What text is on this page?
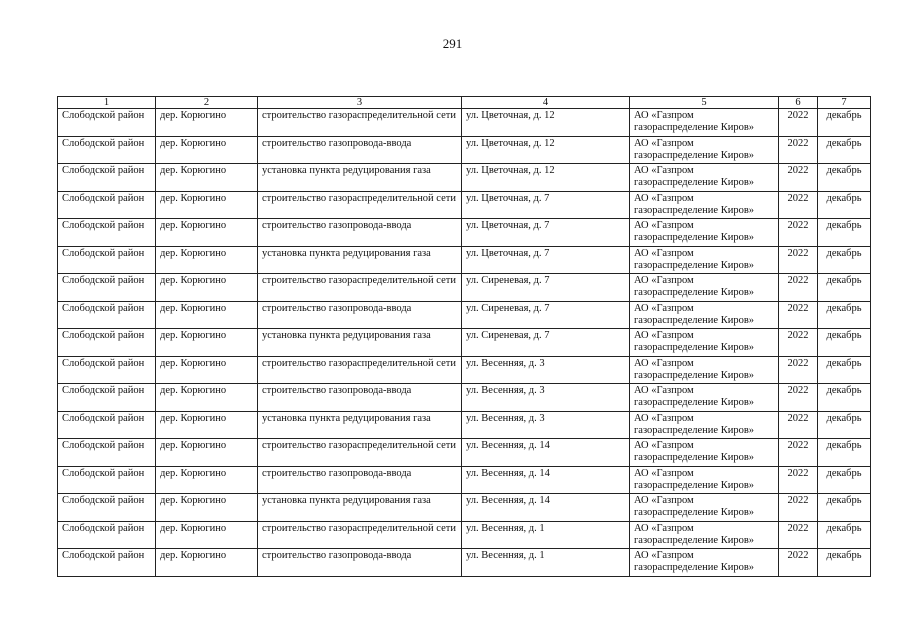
291
1	2	3	4	5	6	7
Слободской район	дер. Корюгино	строительство газораспределительной сети	ул. Цветочная, д. 12	АО «Газпром газораспределение Киров»	2022	декабрь
Слободской район	дер. Корюгино	строительство газопровода-ввода	ул. Цветочная, д. 12	АО «Газпром газораспределение Киров»	2022	декабрь
Слободской район	дер. Корюгино	установка пункта редуцирования газа	ул. Цветочная, д. 12	АО «Газпром газораспределение Киров»	2022	декабрь
Слободской район	дер. Корюгино	строительство газораспределительной сети	ул. Цветочная, д. 7	АО «Газпром газораспределение Киров»	2022	декабрь
Слободской район	дер. Корюгино	строительство газопровода-ввода	ул. Цветочная, д. 7	АО «Газпром газораспределение Киров»	2022	декабрь
Слободской район	дер. Корюгино	установка пункта редуцирования газа	ул. Цветочная, д. 7	АО «Газпром газораспределение Киров»	2022	декабрь
Слободской район	дер. Корюгино	строительство газораспределительной сети	ул. Сиреневая, д. 7	АО «Газпром газораспределение Киров»	2022	декабрь
Слободской район	дер. Корюгино	строительство газопровода-ввода	ул. Сиреневая, д. 7	АО «Газпром газораспределение Киров»	2022	декабрь
Слободской район	дер. Корюгино	установка пункта редуцирования газа	ул. Сиреневая, д. 7	АО «Газпром газораспределение Киров»	2022	декабрь
Слободской район	дер. Корюгино	строительство газораспределительной сети	ул. Весенняя, д. 3	АО «Газпром газораспределение Киров»	2022	декабрь
Слободской район	дер. Корюгино	строительство газопровода-ввода	ул. Весенняя, д. 3	АО «Газпром газораспределение Киров»	2022	декабрь
Слободской район	дер. Корюгино	установка пункта редуцирования газа	ул. Весенняя, д. 3	АО «Газпром газораспределение Киров»	2022	декабрь
Слободской район	дер. Корюгино	строительство газораспределительной сети	ул. Весенняя, д. 14	АО «Газпром газораспределение Киров»	2022	декабрь
Слободской район	дер. Корюгино	строительство газопровода-ввода	ул. Весенняя, д. 14	АО «Газпром газораспределение Киров»	2022	декабрь
Слободской район	дер. Корюгино	установка пункта редуцирования газа	ул. Весенняя, д. 14	АО «Газпром газораспределение Киров»	2022	декабрь
Слободской район	дер. Корюгино	строительство газораспределительной сети	ул. Весенняя, д. 1	АО «Газпром газораспределение Киров»	2022	декабрь
Слободской район	дер. Корюгино	строительство газопровода-ввода	ул. Весенняя, д. 1	АО «Газпром газораспределение Киров»	2022	декабрь
